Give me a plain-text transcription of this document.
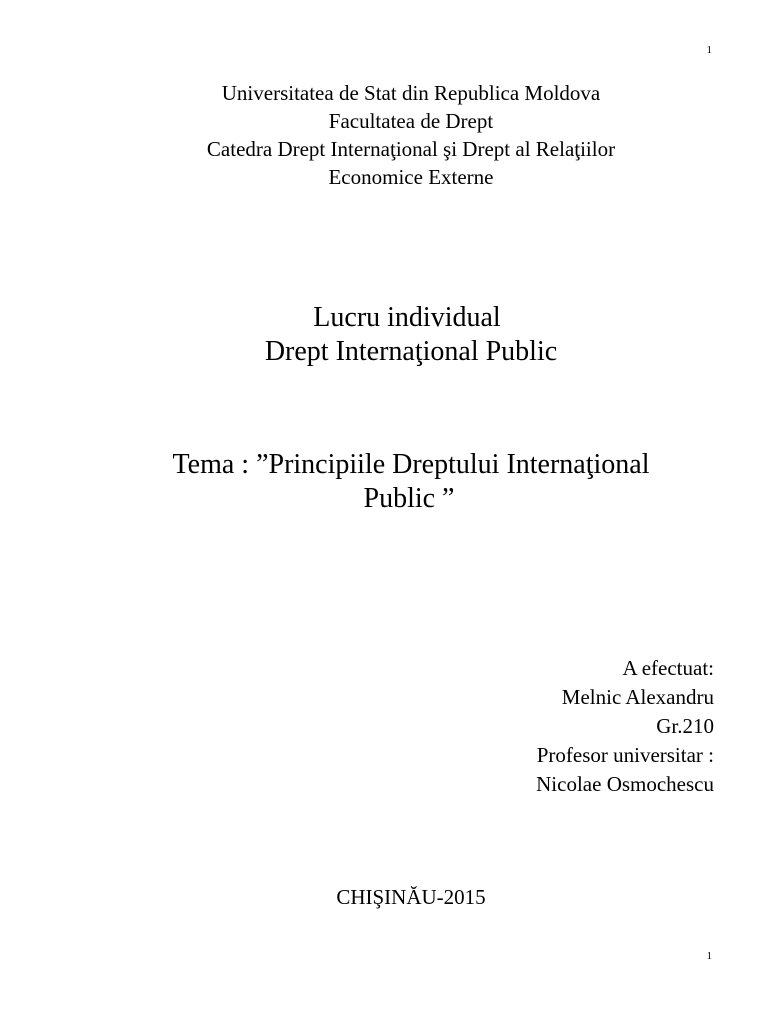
1
Universitatea de Stat din Republica Moldova
Facultatea de Drept
Catedra Drept Internaţional şi Drept al Relaţiilor
Economice Externe
Lucru individual
Drept Internaţional Public
Tema : ”Principiile Dreptului Internaţional
Public ”
A efectuat:
Melnic Alexandru
Gr.210
Profesor universitar :
Nicolae Osmochescu
CHIŞINĂU-2015
1
